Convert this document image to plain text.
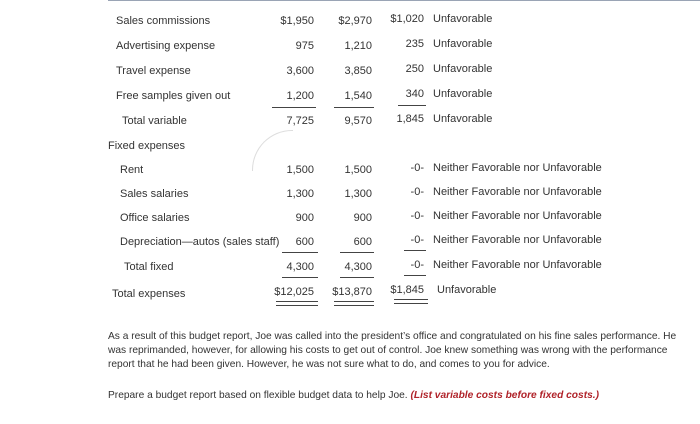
Sales commissions	$1,950	$2,970	$1,020 Unfavorable
Advertising expense	975	1,210	235 Unfavorable
Travel expense	3,600	3,850	250 Unfavorable
Free samples given out	1,200	1,540	340 Unfavorable
Total variable	7,725	9,570	1,845 Unfavorable
Fixed expenses
Rent	1,500	1,500	-0- Neither Favorable nor Unfavorable
Sales salaries	1,300	1,300	-0- Neither Favorable nor Unfavorable
Office salaries	900	900	-0- Neither Favorable nor Unfavorable
Depreciation—autos (sales staff)	600	600	-0- Neither Favorable nor Unfavorable
Total fixed	4,300	4,300	-0- Neither Favorable nor Unfavorable
Total expenses	$12,025	$13,870	$1,845 Unfavorable
As a result of this budget report, Joe was called into the president’s office and congratulated on his fine sales performance. He was reprimanded, however, for allowing his costs to get out of control. Joe knew something was wrong with the performance report that he had been given. However, he was not sure what to do, and comes to you for advice.
Prepare a budget report based on flexible budget data to help Joe. (List variable costs before fixed costs.)
